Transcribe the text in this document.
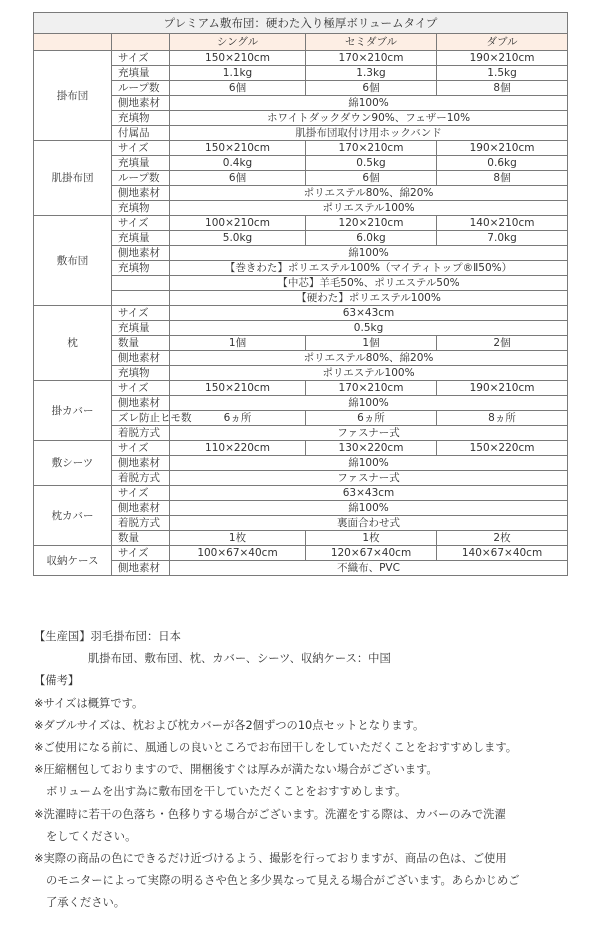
プレミアム敷布団：硬わた入り極厚ボリュームタイプ				
		シングル	セミダブル	ダブル
掛布団	サイズ	150×210cm	170×210cm	190×210cm
	充填量	1.1kg	1.3kg	1.5kg
	ループ数	6個	6個	8個
	側地素材	綿100%		
	充填物	ホワイトダックダウン90%、フェザー10%		
	付属品	肌掛布団取付け用ホックバンド		
肌掛布団	サイズ	150×210cm	170×210cm	190×210cm
	充填量	0.4kg	0.5kg	0.6kg
	ループ数	6個	6個	8個
	側地素材	ポリエステル80%、綿20%		
	充填物	ポリエステル100%		
敷布団	サイズ	100×210cm	120×210cm	140×210cm
	充填量	5.0kg	6.0kg	7.0kg
	側地素材	綿100%		
	充填物	【巻きわた】ポリエステル100%（マイティトップ®Ⅱ50%）		
		【中芯】羊毛50%、ポリエステル50%		
		【硬わた】ポリエステル100%		
枕	サイズ	63×43cm		
	充填量	0.5kg		
	数量	1個	1個	2個
	側地素材	ポリエステル80%、綿20%		
	充填物	ポリエステル100%		
掛カバー	サイズ	150×210cm	170×210cm	190×210cm
	側地素材	綿100%		
	ズレ防止ヒモ数	6ヵ所	6ヵ所	8ヵ所
	着脱方式	ファスナー式		
敷シーツ	サイズ	110×220cm	130×220cm	150×220cm
	側地素材	綿100%		
	着脱方式	ファスナー式		
枕カバー	サイズ	63×43cm		
	側地素材	綿100%		
	着脱方式	裏面合わせ式		
	数量	1枚	1枚	2枚
収納ケース	サイズ	100×67×40cm	120×67×40cm	140×67×40cm
	側地素材	不織布、PVC		
【生産国】羽毛掛布団：日本
肌掛布団、敷布団、枕、カバー、シーツ、収納ケース：中国
【備考】
※サイズは概算です。
※ダブルサイズは、枕および枕カバーが各2個ずつの10点セットとなります。
※ご使用になる前に、風通しの良いところでお布団干しをしていただくことをおすすめします。
※圧縮梱包しておりますので、開梱後すぐは厚みが満たない場合がございます。
ボリュームを出す為に敷布団を干していただくことをおすすめします。
※洗濯時に若干の色落ち・色移りする場合がございます。洗濯をする際は、カバーのみで洗濯
をしてください。
※実際の商品の色にできるだけ近づけるよう、撮影を行っておりますが、商品の色は、ご使用
のモニターによって実際の明るさや色と多少異なって見える場合がございます。あらかじめご
了承ください。
